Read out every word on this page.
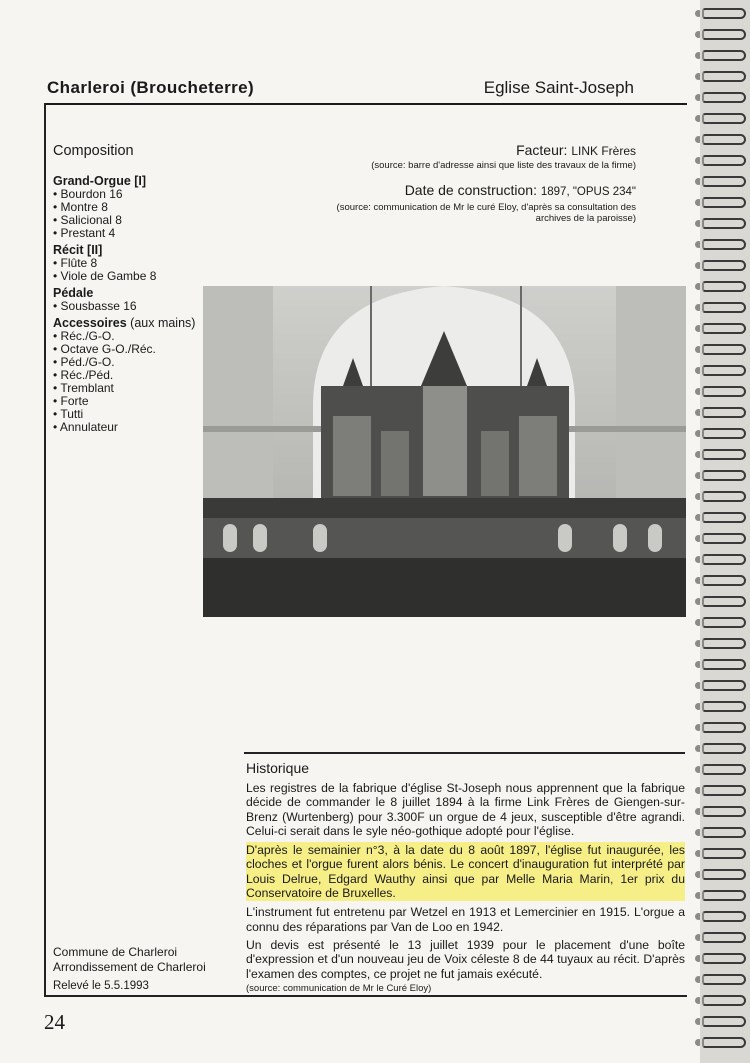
Charleroi (Broucheterre)	Eglise Saint-Joseph
Composition
Grand-Orgue [I]
• Bourdon 16
• Montre 8
• Salicional 8
• Prestant 4
Récit [II]
• Flûte 8
• Viole de Gambe 8
Pédale
• Sousbasse 16
Accessoires (aux mains)
• Réc./G-O.
• Octave G-O./Réc.
• Péd./G-O.
• Réc./Péd.
• Tremblant
• Forte
• Tutti
• Annulateur
Facteur: LINK Frères
(source: barre d'adresse ainsi que liste des travaux de la firme)
Date de construction: 1897, "OPUS 234"
(source: communication de Mr le curé Eloy, d'après sa consultation des archives de la paroisse)
Historique

Les registres de la fabrique d'église St-Joseph nous apprennent que la fabrique décide de commander le 8 juillet 1894 à la firme Link Frères de Giengen-sur-Brenz (Wurtenberg) pour 3.300F un orgue de 4 jeux, susceptible d'être agrandi. Celui-ci serait dans le syle néo-gothique adopté pour l'église.

D'après le semainier n°3, à la date du 8 août 1897, l'église fut inaugurée, les cloches et l'orgue furent alors bénis. Le concert d'inauguration fut interprété par Louis Delrue, Edgard Wauthy ainsi que par Melle Maria Marin, 1er prix du Conservatoire de Bruxelles.

L'instrument fut entretenu par Wetzel en 1913 et Lemercinier en 1915. L'orgue a connu des réparations par Van de Loo en 1942.

Un devis est présenté le 13 juillet 1939 pour le placement d'une boîte d'expression et d'un nouveau jeu de Voix céleste 8 de 44 tuyaux au récit. D'après l'examen des comptes, ce projet ne fut jamais exécuté.

(source: communication de Mr le Curé Eloy)
Commune de Charleroi
Arrondissement de Charleroi
Relevé le 5.5.1993
24
